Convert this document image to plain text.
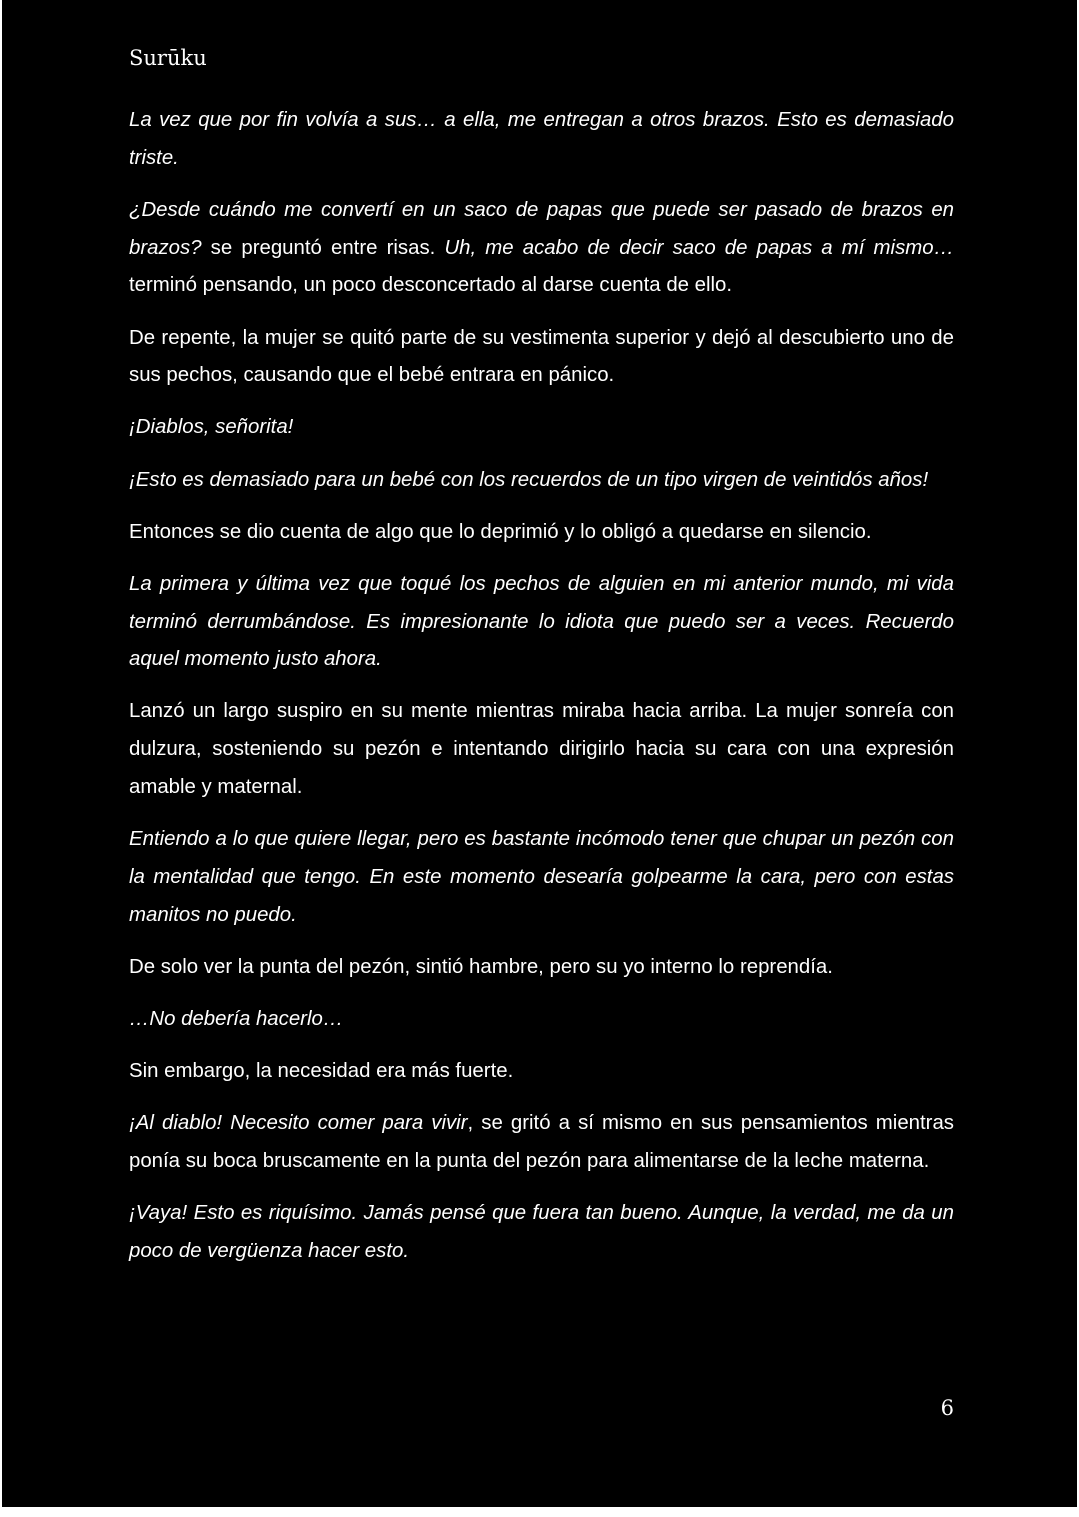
Surūku

La vez que por fin volvía a sus… a ella, me entregan a otros brazos. Esto es demasiado triste.

¿Desde cuándo me convertí en un saco de papas que puede ser pasado de brazos en brazos? se preguntó entre risas. Uh, me acabo de decir saco de papas a mí mismo… terminó pensando, un poco desconcertado al darse cuenta de ello.

De repente, la mujer se quitó parte de su vestimenta superior y dejó al descubierto uno de sus pechos, causando que el bebé entrara en pánico.

¡Diablos, señorita!

¡Esto es demasiado para un bebé con los recuerdos de un tipo virgen de veintidós años!

Entonces se dio cuenta de algo que lo deprimió y lo obligó a quedarse en silencio.

La primera y última vez que toqué los pechos de alguien en mi anterior mundo, mi vida terminó derrumbándose. Es impresionante lo idiota que puedo ser a veces. Recuerdo aquel momento justo ahora.

Lanzó un largo suspiro en su mente mientras miraba hacia arriba. La mujer sonreía con dulzura, sosteniendo su pezón e intentando dirigirlo hacia su cara con una expresión amable y maternal.

Entiendo a lo que quiere llegar, pero es bastante incómodo tener que chupar un pezón con la mentalidad que tengo. En este momento desearía golpearme la cara, pero con estas manitos no puedo.

De solo ver la punta del pezón, sintió hambre, pero su yo interno lo reprendía.

…No debería hacerlo…

Sin embargo, la necesidad era más fuerte.

¡Al diablo! Necesito comer para vivir, se gritó a sí mismo en sus pensamientos mientras ponía su boca bruscamente en la punta del pezón para alimentarse de la leche materna.

¡Vaya! Esto es riquísimo. Jamás pensé que fuera tan bueno. Aunque, la verdad, me da un poco de vergüenza hacer esto.

6
